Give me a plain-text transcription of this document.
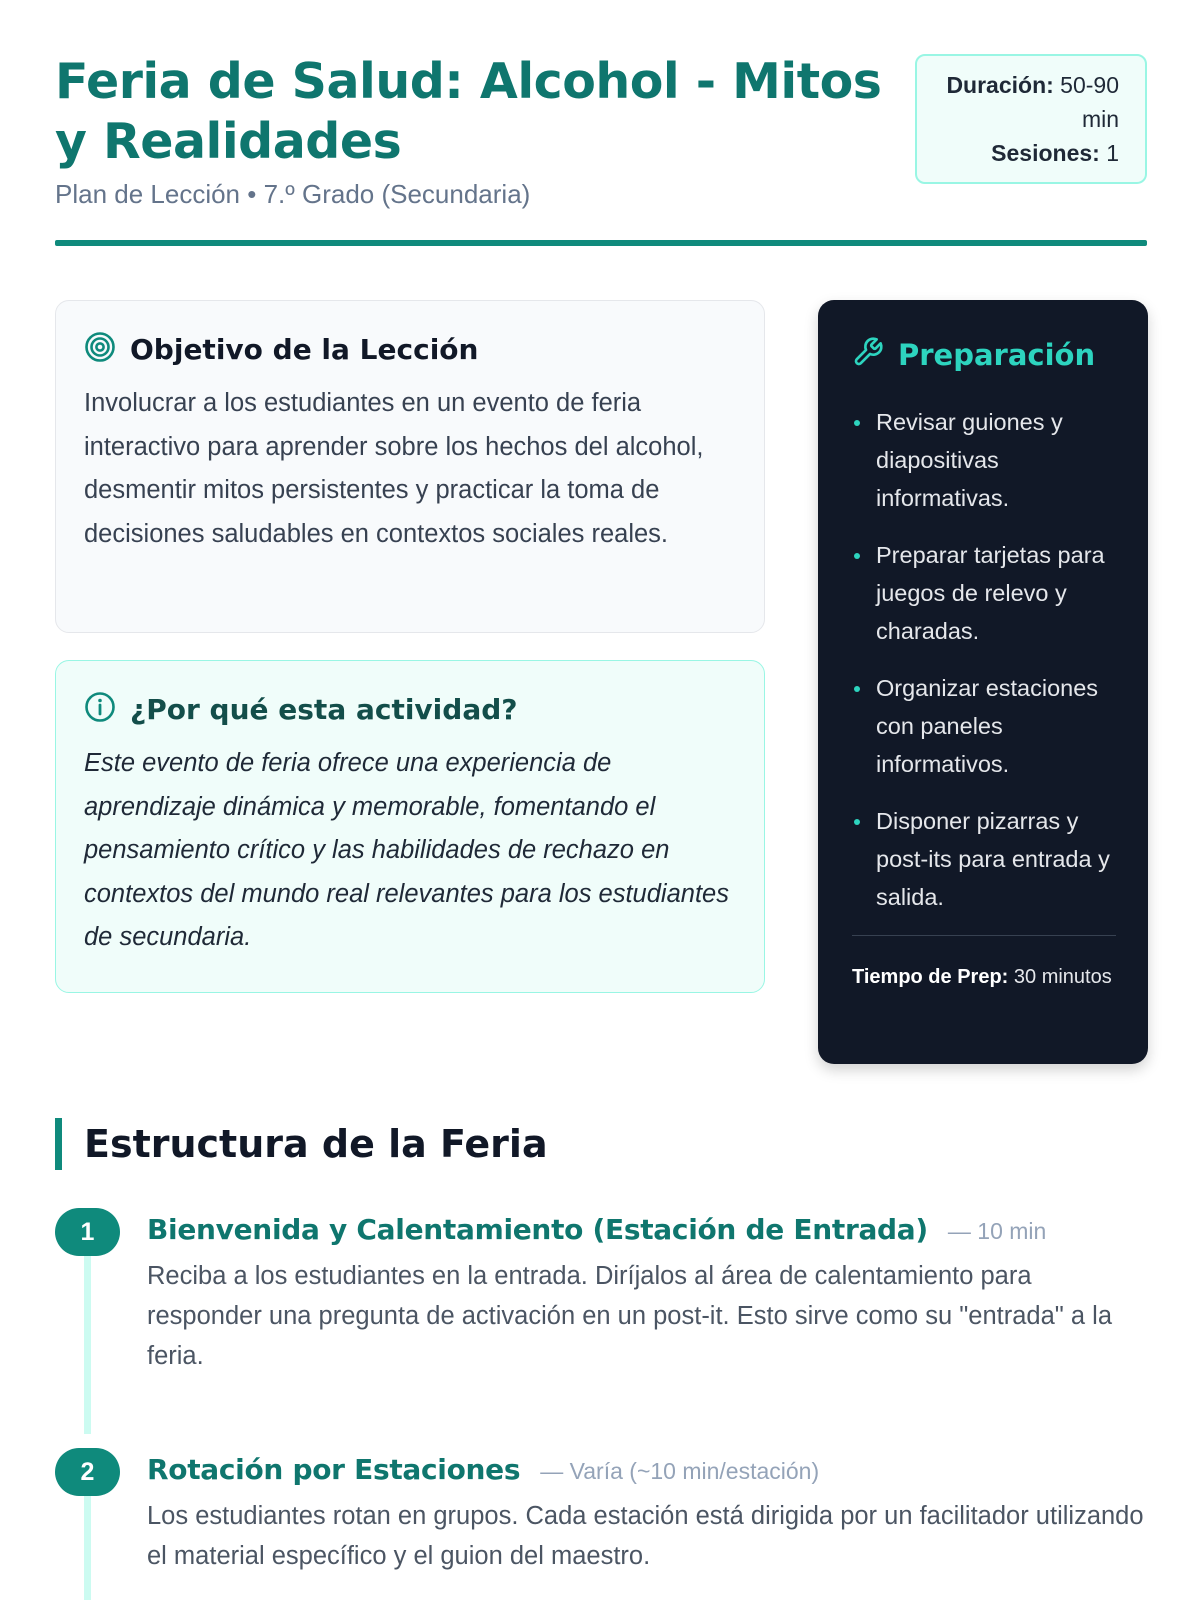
Feria de Salud: Alcohol - Mitos y Realidades
Plan de Lección • 7.º Grado (Secundaria)
Duración: 50-90 min
Sesiones: 1
Objetivo de la Lección

Involucrar a los estudiantes en un evento de feria interactivo para aprender sobre los hechos del alcohol, desmentir mitos persistentes y practicar la toma de decisiones saludables en contextos sociales reales.

¿Por qué esta actividad?

Este evento de feria ofrece una experiencia de aprendizaje dinámica y memorable, fomentando el pensamiento crítico y las habilidades de rechazo en contextos del mundo real relevantes para los estudiantes de secundaria.

Preparación
Revisar guiones y diapositivas informativas.
Preparar tarjetas para juegos de relevo y charadas.
Organizar estaciones con paneles informativos.
Disponer pizarras y post-its para entrada y salida.
Tiempo de Prep: 30 minutos
Estructura de la Feria
1	Bienvenida y Calentamiento (Estación de Entrada) — 10 min

Reciba a los estudiantes en la entrada. Diríjalos al área de calentamiento para responder una pregunta de activación en un post-it. Esto sirve como su "entrada" a la feria.

2	Rotación por Estaciones — Varía (~10 min/estación)

Los estudiantes rotan en grupos. Cada estación está dirigida por un facilitador utilizando el material específico y el guion del maestro.
